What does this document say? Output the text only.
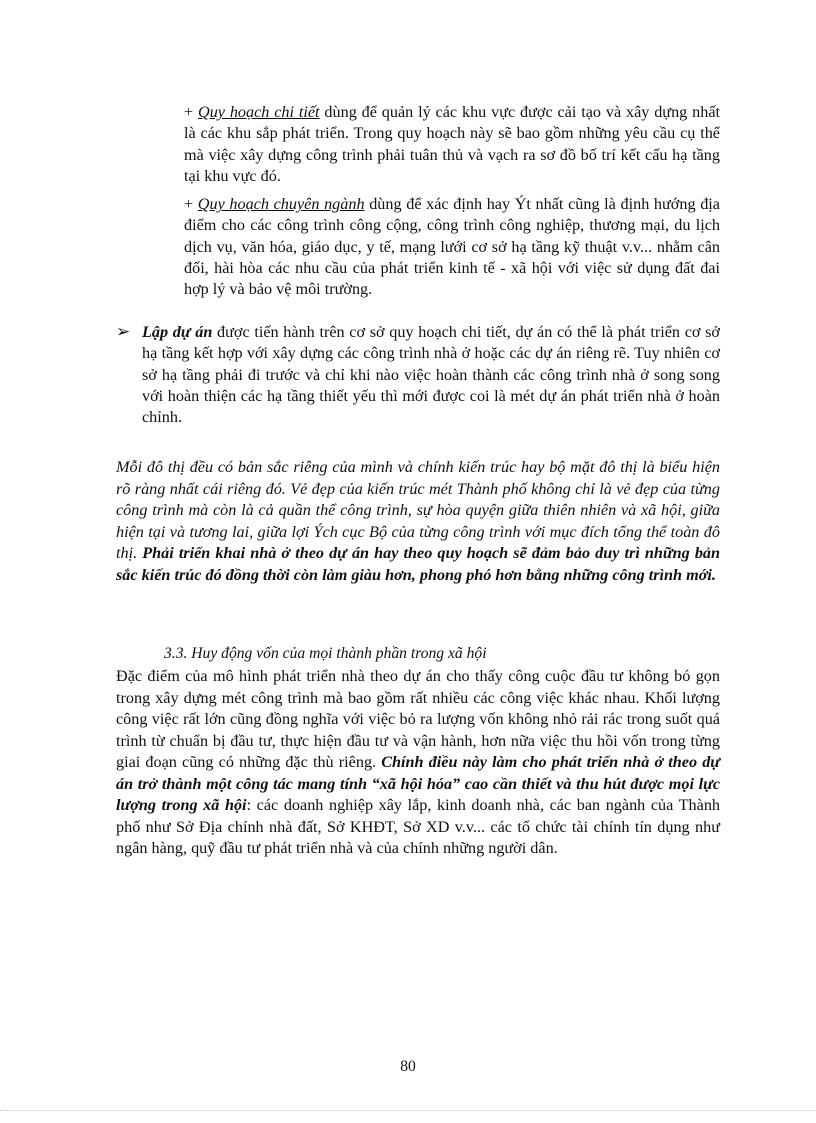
+ Quy hoạch chi tiết dùng để quản lý các khu vực được cải tạo và xây dựng nhất là các khu sắp phát triển. Trong quy hoạch này sẽ bao gồm những yêu cầu cụ thể mà việc xây dựng công trình phải tuân thủ và vạch ra sơ đồ bố trí kết cấu hạ tầng tại khu vực đó.

+ Quy hoạch chuyên ngành dùng để xác định hay Ýt nhất cũng là định hướng địa điểm cho các công trình công cộng, công trình công nghiệp, thương mại, du lịch dịch vụ, văn hóa, giáo dục, y tế, mạng lưới cơ sở hạ tầng kỹ thuật v.v... nhằm cân đối, hài hòa các nhu cầu của phát triển kinh tế - xã hội với việc sử dụng đất đai hợp lý và bảo vệ môi trường.

➢ Lập dự án được tiến hành trên cơ sở quy hoạch chi tiết, dự án có thể là phát triển cơ sở hạ tầng kết hợp với xây dựng các công trình nhà ở hoặc các dự án riêng rẽ. Tuy nhiên cơ sở hạ tầng phải đi trước và chỉ khi nào việc hoàn thành các công trình nhà ở song song với hoàn thiện các hạ tầng thiết yếu thì mới được coi là mét dự án phát triển nhà ở hoàn chỉnh.

Mỗi đô thị đều có bản sắc riêng của mình và chính kiến trúc hay bộ mặt đô thị là biểu hiện rõ ràng nhất cái riêng đó. Vẻ đẹp của kiến trúc mét Thành phố không chỉ là vẻ đẹp của từng công trình mà còn là cả quần thể công trình, sự hòa quyện giữa thiên nhiên và xã hội, giữa hiện tại và tương lai, giữa lợi Ých cục Bộ của từng công trình với mục đích tổng thể toàn đô thị. Phải triển khai nhà ở theo dự án hay theo quy hoạch sẽ đảm bảo duy trì những bản sắc kiến trúc đó đồng thời còn làm giàu hơn, phong phó hơn bằng những công trình mới.

3.3. Huy động vốn của mọi thành phần trong xã hội

Đặc điểm của mô hình phát triển nhà theo dự án cho thấy công cuộc đầu tư không bó gọn trong xây dựng mét công trình mà bao gồm rất nhiều các công việc khác nhau. Khối lượng công việc rất lớn cũng đồng nghĩa với việc bỏ ra lượng vốn không nhỏ rải rác trong suốt quá trình từ chuẩn bị đầu tư, thực hiện đầu tư và vận hành, hơn nữa việc thu hồi vốn trong từng giai đoạn cũng có những đặc thù riêng. Chính điều này làm cho phát triển nhà ở theo dự án trở thành một công tác mang tính “xã hội hóa” cao cần thiết và thu hút được mọi lực lượng trong xã hội: các doanh nghiệp xây lắp, kinh doanh nhà, các ban ngành của Thành phố như Sở Địa chính nhà đất, Sở KHĐT, Sở XD v.v... các tổ chức tài chính tín dụng như ngân hàng, quỹ đầu tư phát triển nhà và của chính những người dân.

80
